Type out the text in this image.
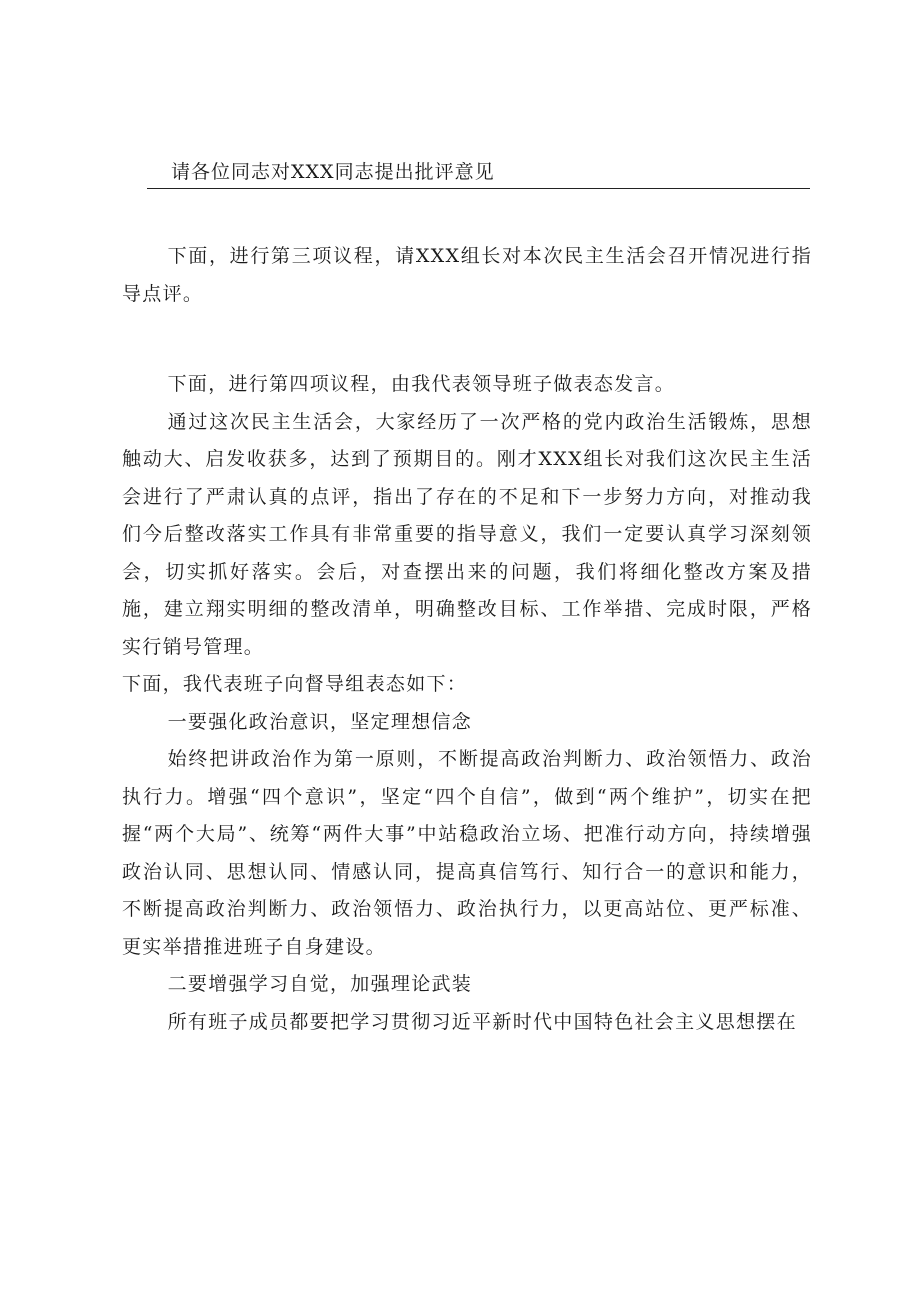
请各位同志对XXX同志提出批评意见

下面，进行第三项议程，请XXX组长对本次民主生活会召开情况进行指导点评。

下面，进行第四项议程，由我代表领导班子做表态发言。

通过这次民主生活会，大家经历了一次严格的党内政治生活锻炼，思想触动大、启发收获多，达到了预期目的。刚才XXX组长对我们这次民主生活会进行了严肃认真的点评，指出了存在的不足和下一步努力方向，对推动我们今后整改落实工作具有非常重要的指导意义，我们一定要认真学习深刻领会，切实抓好落实。会后，对查摆出来的问题，我们将细化整改方案及措施，建立翔实明细的整改清单，明确整改目标、工作举措、完成时限，严格实行销号管理。

下面，我代表班子向督导组表态如下：

一要强化政治意识，坚定理想信念

始终把讲政治作为第一原则，不断提高政治判断力、政治领悟力、政治执行力。增强“四个意识”，坚定“四个自信”，做到“两个维护”，切实在把握“两个大局”、统筹“两件大事”中站稳政治立场、把准行动方向，持续增强政治认同、思想认同、情感认同，提高真信笃行、知行合一的意识和能力，不断提高政治判断力、政治领悟力、政治执行力，以更高站位、更严标准、更实举措推进班子自身建设。

二要增强学习自觉，加强理论武装

所有班子成员都要把学习贯彻习近平新时代中国特色社会主义思想摆在
